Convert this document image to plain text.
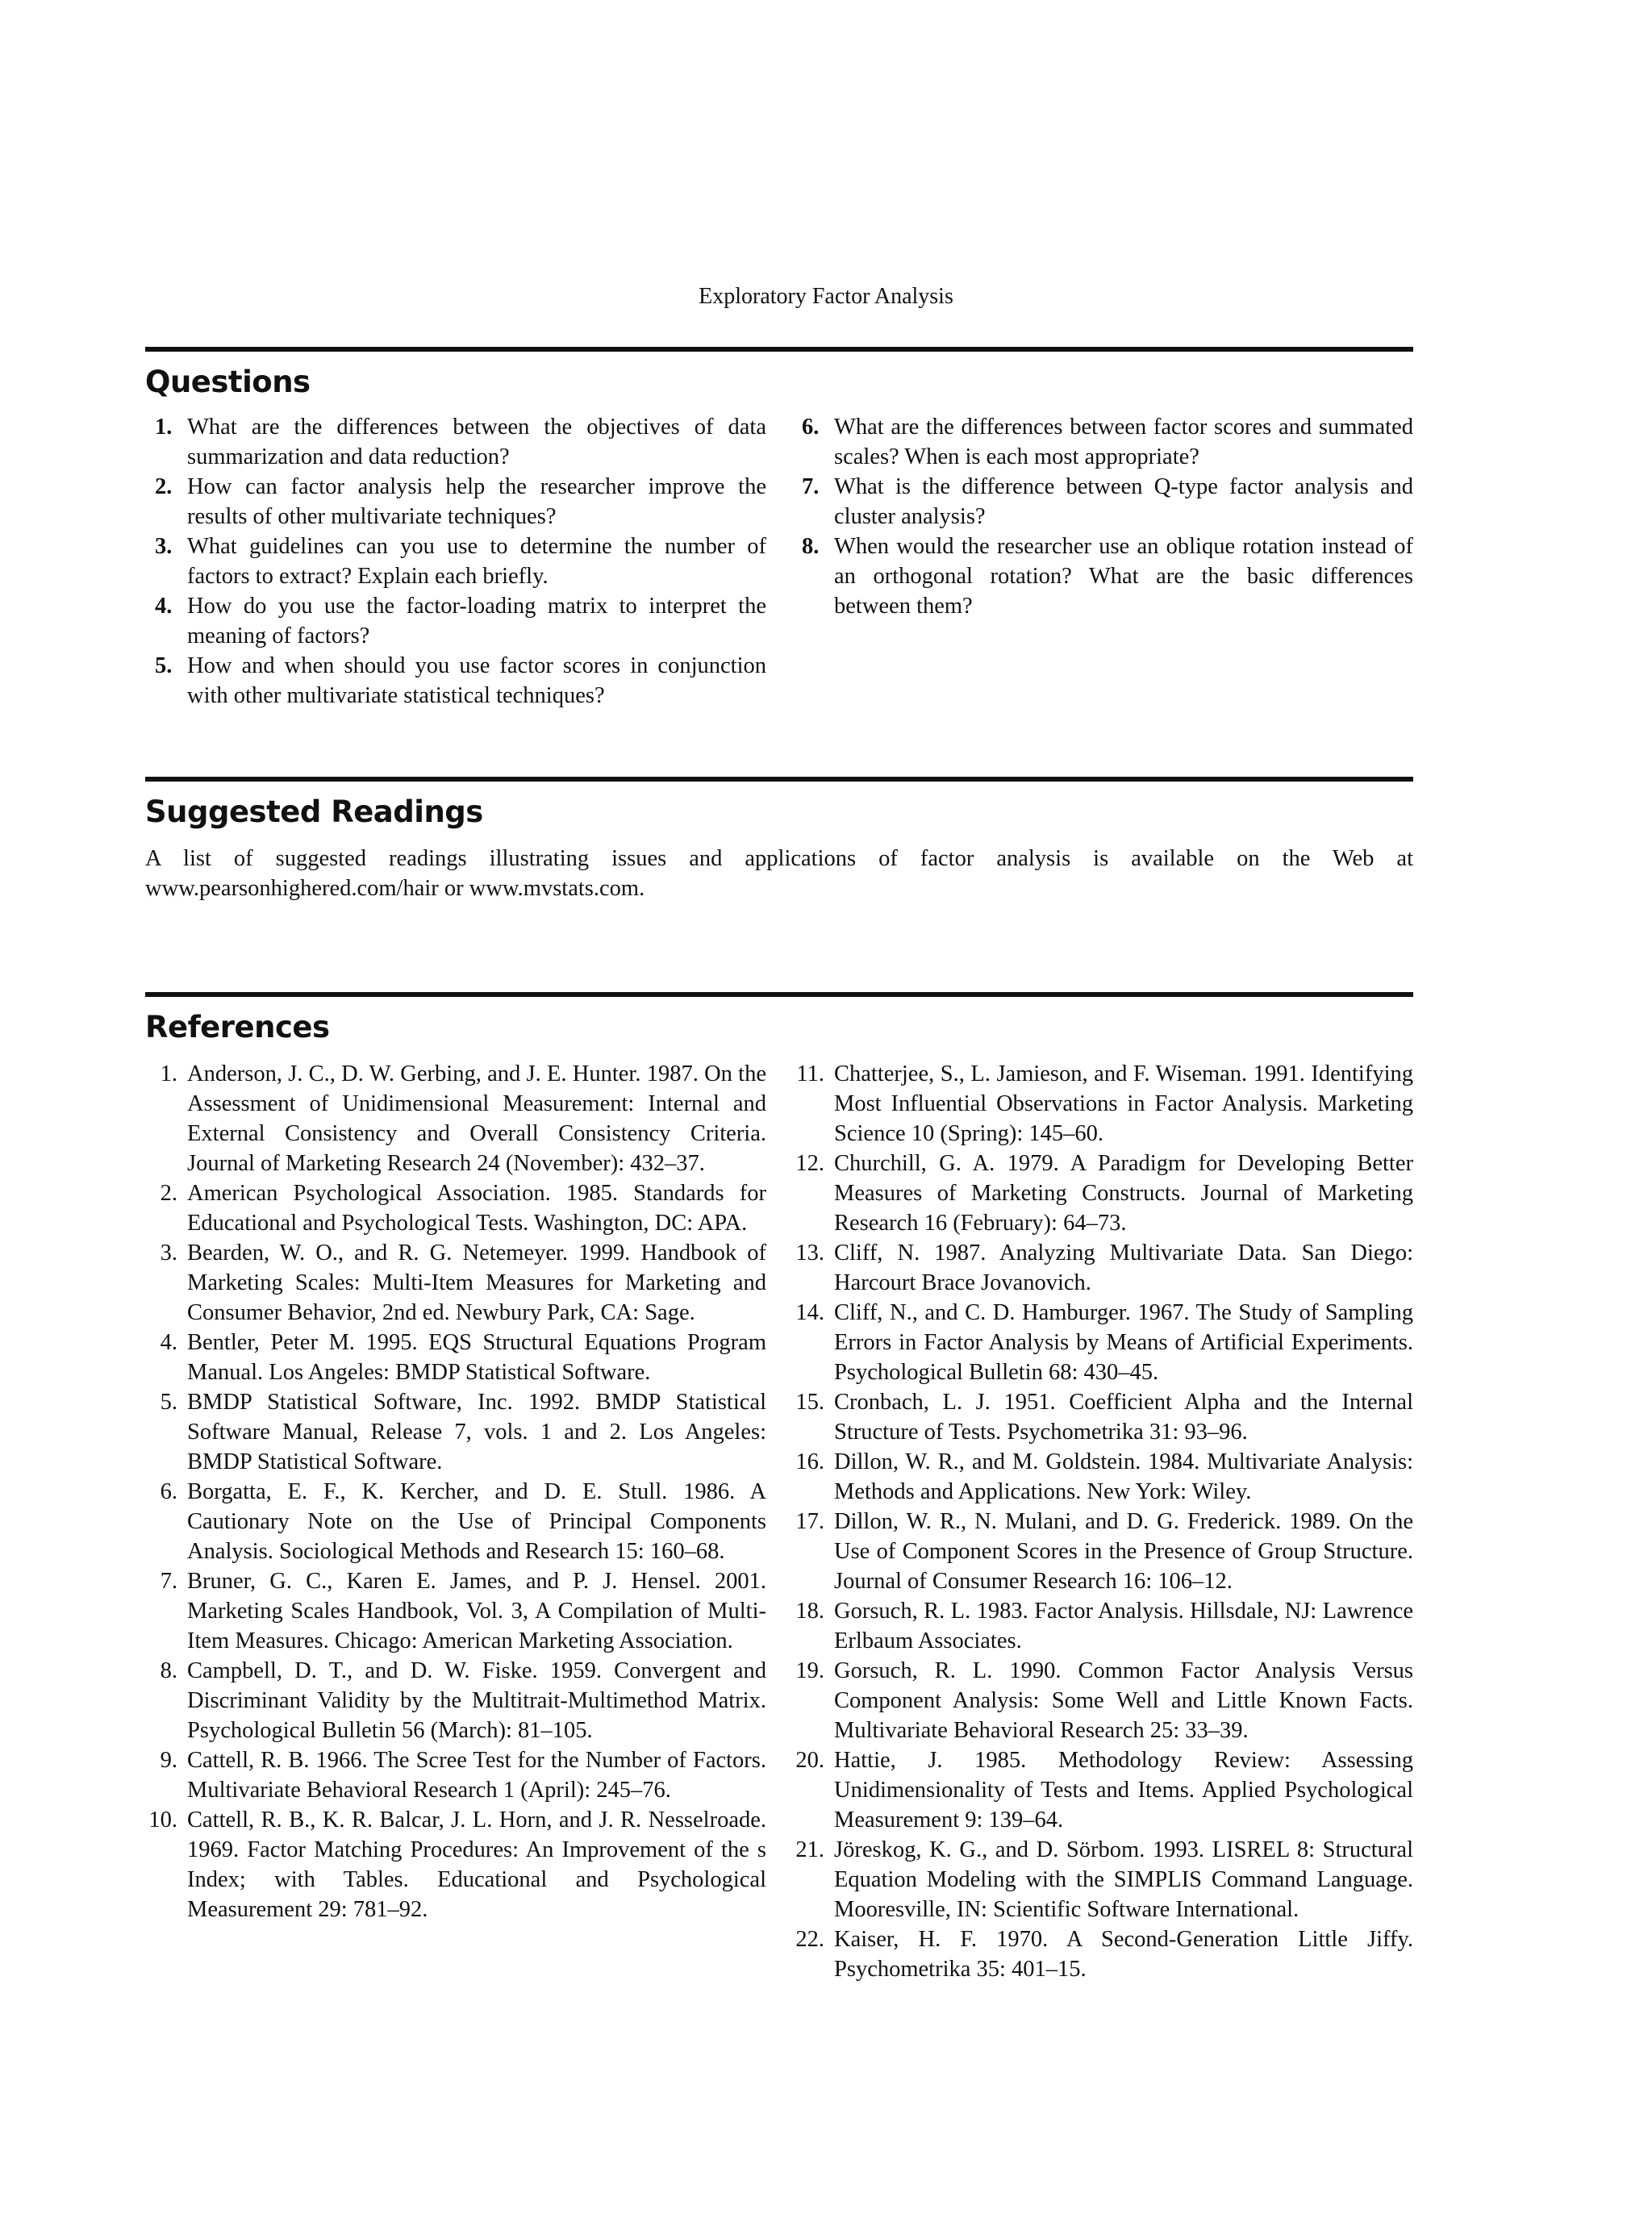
Exploratory Factor Analysis
Questions
1. What are the differences between the objectives of data summarization and data reduction?
2. How can factor analysis help the researcher improve the results of other multivariate techniques?
3. What guidelines can you use to determine the number of factors to extract? Explain each briefly.
4. How do you use the factor-loading matrix to interpret the meaning of factors?
5. How and when should you use factor scores in conjunction with other multivariate statistical techniques?
6. What are the differences between factor scores and summated scales? When is each most appropriate?
7. What is the difference between Q-type factor analysis and cluster analysis?
8. When would the researcher use an oblique rotation instead of an orthogonal rotation? What are the basic differences between them?
Suggested Readings
A list of suggested readings illustrating issues and applications of factor analysis is available on the Web at www.pearsonhighered.com/hair or www.mvstats.com.
References
1. Anderson, J. C., D. W. Gerbing, and J. E. Hunter. 1987. On the Assessment of Unidimensional Measurement: Internal and External Consistency and Overall Consistency Criteria. Journal of Marketing Research 24 (November): 432–37.
2. American Psychological Association. 1985. Standards for Educational and Psychological Tests. Washington, DC: APA.
3. Bearden, W. O., and R. G. Netemeyer. 1999. Handbook of Marketing Scales: Multi-Item Measures for Marketing and Consumer Behavior, 2nd ed. Newbury Park, CA: Sage.
4. Bentler, Peter M. 1995. EQS Structural Equations Program Manual. Los Angeles: BMDP Statistical Software.
5. BMDP Statistical Software, Inc. 1992. BMDP Statistical Software Manual, Release 7, vols. 1 and 2. Los Angeles: BMDP Statistical Software.
6. Borgatta, E. F., K. Kercher, and D. E. Stull. 1986. A Cautionary Note on the Use of Principal Components Analysis. Sociological Methods and Research 15: 160–68.
7. Bruner, G. C., Karen E. James, and P. J. Hensel. 2001. Marketing Scales Handbook, Vol. 3, A Compilation of Multi-Item Measures. Chicago: American Marketing Association.
8. Campbell, D. T., and D. W. Fiske. 1959. Convergent and Discriminant Validity by the Multitrait-Multimethod Matrix. Psychological Bulletin 56 (March): 81–105.
9. Cattell, R. B. 1966. The Scree Test for the Number of Factors. Multivariate Behavioral Research 1 (April): 245–76.
10. Cattell, R. B., K. R. Balcar, J. L. Horn, and J. R. Nesselroade. 1969. Factor Matching Procedures: An Improvement of the s Index; with Tables. Educational and Psychological Measurement 29: 781–92.
11. Chatterjee, S., L. Jamieson, and F. Wiseman. 1991. Identifying Most Influential Observations in Factor Analysis. Marketing Science 10 (Spring): 145–60.
12. Churchill, G. A. 1979. A Paradigm for Developing Better Measures of Marketing Constructs. Journal of Marketing Research 16 (February): 64–73.
13. Cliff, N. 1987. Analyzing Multivariate Data. San Diego: Harcourt Brace Jovanovich.
14. Cliff, N., and C. D. Hamburger. 1967. The Study of Sampling Errors in Factor Analysis by Means of Artificial Experiments. Psychological Bulletin 68: 430–45.
15. Cronbach, L. J. 1951. Coefficient Alpha and the Internal Structure of Tests. Psychometrika 31: 93–96.
16. Dillon, W. R., and M. Goldstein. 1984. Multivariate Analysis: Methods and Applications. New York: Wiley.
17. Dillon, W. R., N. Mulani, and D. G. Frederick. 1989. On the Use of Component Scores in the Presence of Group Structure. Journal of Consumer Research 16: 106–12.
18. Gorsuch, R. L. 1983. Factor Analysis. Hillsdale, NJ: Lawrence Erlbaum Associates.
19. Gorsuch, R. L. 1990. Common Factor Analysis Versus Component Analysis: Some Well and Little Known Facts. Multivariate Behavioral Research 25: 33–39.
20. Hattie, J. 1985. Methodology Review: Assessing Unidimensionality of Tests and Items. Applied Psychological Measurement 9: 139–64.
21. Jöreskog, K. G., and D. Sörbom. 1993. LISREL 8: Structural Equation Modeling with the SIMPLIS Command Language. Mooresville, IN: Scientific Software International.
22. Kaiser, H. F. 1970. A Second-Generation Little Jiffy. Psychometrika 35: 401–15.
